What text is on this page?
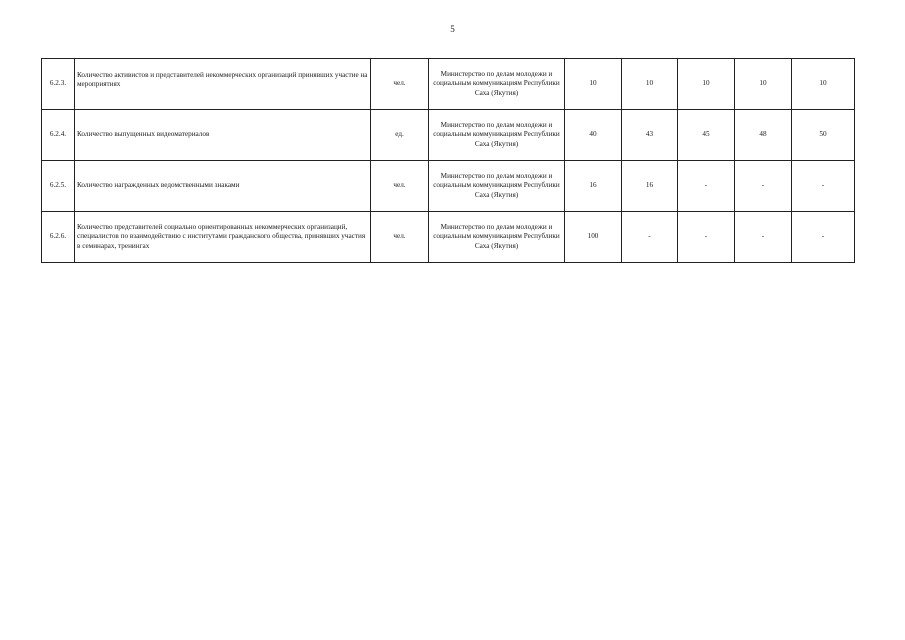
5
6.2.3.	Количество активистов и представителей некоммерческих организаций принявших участие на мероприятиях	чел.	Министерство по делам молодежи и социальным коммуникациям Республики Саха (Якутия)	10	10	10	10	10
6.2.4.	Количество выпущенных видеоматериалов	ед.	Министерство по делам молодежи и социальным коммуникациям Республики Саха (Якутия)	40	43	45	48	50
6.2.5.	Количество награжденных ведомственными знаками	чел.	Министерство по делам молодежи и социальным коммуникациям Республики Саха (Якутия)	16	16	-	-	-
6.2.6.	Количество представителей социально ориентированных некоммерческих организаций, специалистов по взаимодействию с институтами гражданского общества, принявших участия в семинарах, тренингах	чел.	Министерство по делам молодежи и социальным коммуникациям Республики Саха (Якутия)	100	-	-	-	-
